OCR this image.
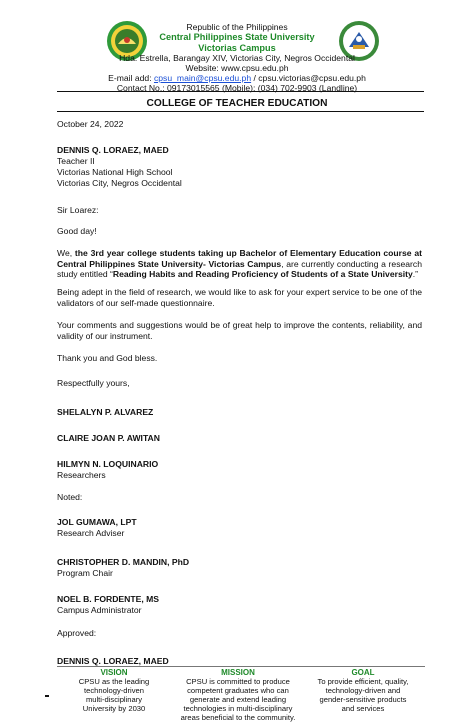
Republic of the Philippines
Central Philippines State University
Victorias Campus
Hda. Estrella, Barangay XIV, Victorias City, Negros Occidental
Website: www.cpsu.edu.ph
E-mail add: cpsu_main@cpsu.edu.ph / cpsu.victorias@cpsu.edu.ph
Contact No.: 09173015565 (Mobile); (034) 702-9903 (Landline)
COLLEGE OF TEACHER EDUCATION
October 24, 2022
DENNIS Q. LORAEZ, MAED
Teacher II
Victorias National High School
Victorias City, Negros Occidental
Sir Loarez:
Good day!
We, the 3rd year college students taking up Bachelor of Elementary Education course at Central Philippines State University- Victorias Campus, are currently conducting a research study entitled “Reading Habits and Reading Proficiency of Students of a State University.”
Being adept in the field of research, we would like to ask for your expert service to be one of the validators of our self-made questionnaire.
Your comments and suggestions would be of great help to improve the contents, reliability, and validity of our instrument.
Thank you and God bless.
Respectfully yours,
SHELALYN P. ALVAREZ
CLAIRE JOAN P. AWITAN
HILMYN N. LOQUINARIO
Researchers
Noted:
JOL GUMAWA, LPT
Research Adviser
CHRISTOPHER D. MANDIN, PhD
Program Chair
NOEL B. FORDENTE, MS
Campus Administrator
Approved:
DENNIS Q. LORAEZ, MAED
VISION
CPSU as the leading
technology-driven
multi-disciplinary
University by 2030
MISSION
CPSU is committed to produce
competent graduates who can
generate and extend leading
technologies in multi-disciplinary
areas beneficial to the community.
GOAL
To provide efficient, quality,
technology-driven and
gender-sensitive products
and services
